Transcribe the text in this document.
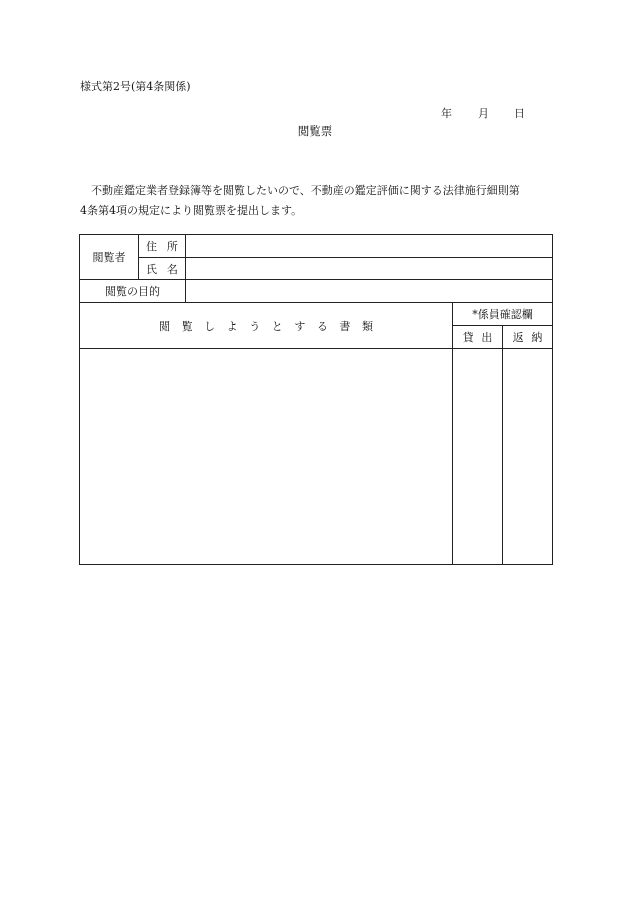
様式第2号(第4条関係)
年 月 日
閲覧票
不動産鑑定業者登録簿等を閲覧したいので、不動産の鑑定評価に関する法律施行細則第
4条第4項の規定により閲覧票を提出します。
閲覧者
住所
氏名
閲覧の目的
閲覧しようとする書類
*係員確認欄
貸出 返納
